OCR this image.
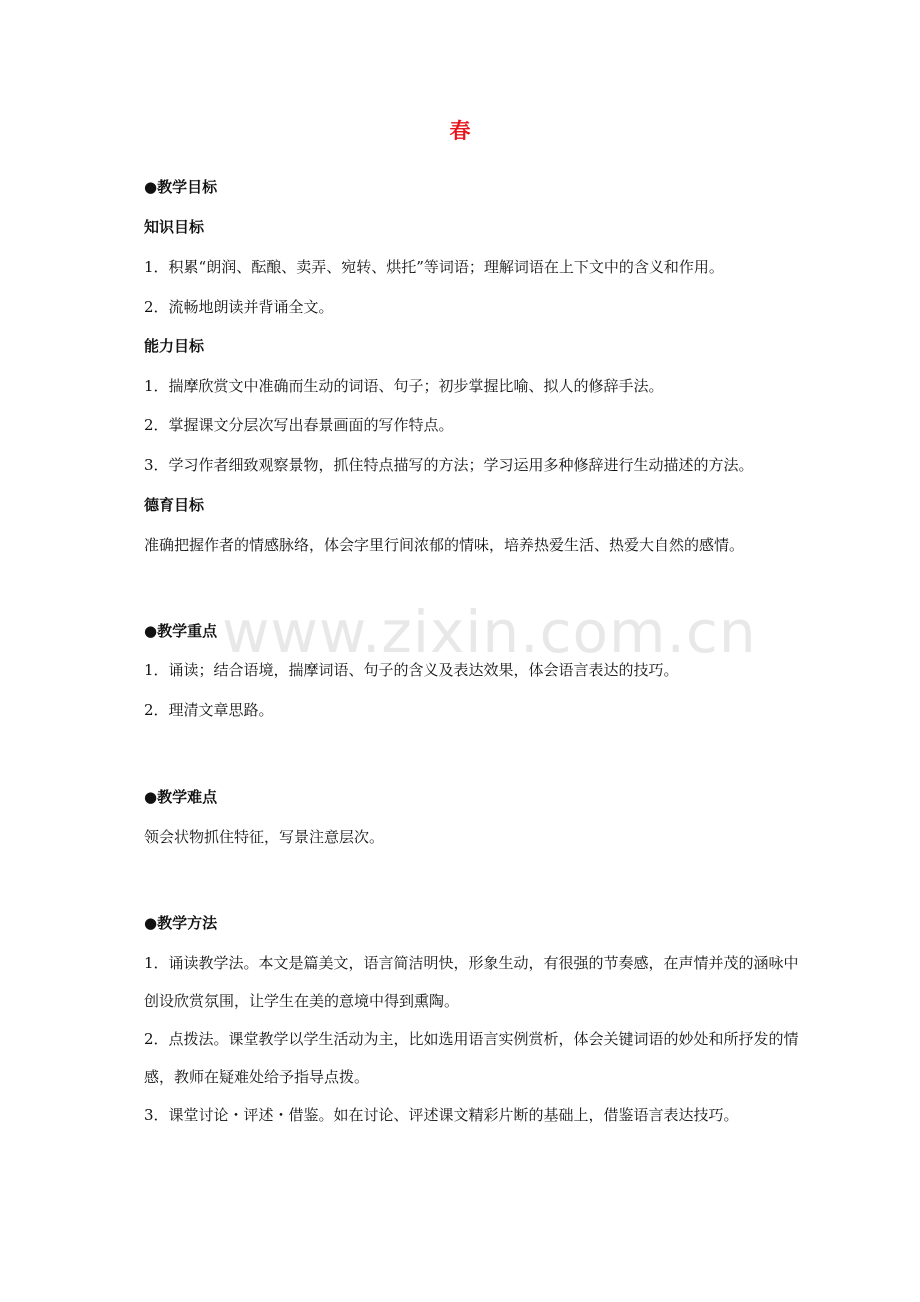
www.zixin.com.cn
春
●教学目标
知识目标
1．积累“朗润、酝酿、卖弄、宛转、烘托”等词语；理解词语在上下文中的含义和作用。
2．流畅地朗读并背诵全文。
能力目标
1．揣摩欣赏文中准确而生动的词语、句子；初步掌握比喻、拟人的修辞手法。
2．掌握课文分层次写出春景画面的写作特点。
3．学习作者细致观察景物，抓住特点描写的方法；学习运用多种修辞进行生动描述的方法。
德育目标
准确把握作者的情感脉络，体会字里行间浓郁的情味，培养热爱生活、热爱大自然的感情。
●教学重点
1．诵读；结合语境，揣摩词语、句子的含义及表达效果，体会语言表达的技巧。
2．理清文章思路。
●教学难点
领会状物抓住特征，写景注意层次。
●教学方法
1．诵读教学法。本文是篇美文，语言简洁明快，形象生动，有很强的节奏感，在声情并茂的涵咏中创设欣赏氛围，让学生在美的意境中得到熏陶。
2．点拨法。课堂教学以学生活动为主，比如选用语言实例赏析，体会关键词语的妙处和所抒发的情感，教师在疑难处给予指导点拨。
3．课堂讨论・评述・借鉴。如在讨论、评述课文精彩片断的基础上，借鉴语言表达技巧。
